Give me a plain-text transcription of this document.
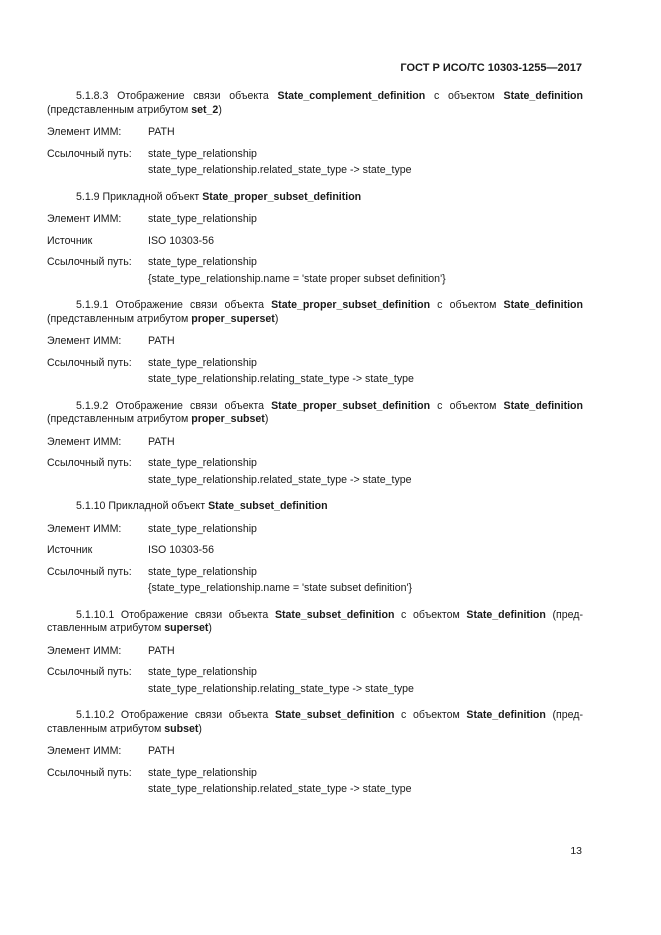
ГОСТ Р ИСО/ТС 10303-1255—2017
5.1.8.3 Отображение связи объекта State_complement_definition с объектом State_definition (представленным атрибутом set_2)
Элемент ИММ:	PATH
Ссылочный путь:	state_type_relationship
state_type_relationship.related_state_type -> state_type
5.1.9 Прикладной объект State_proper_subset_definition
Элемент ИММ:	state_type_relationship
Источник	ISO 10303-56
Ссылочный путь:	state_type_relationship
{state_type_relationship.name = 'state proper subset definition'}
5.1.9.1 Отображение связи объекта State_proper_subset_definition с объектом State_definition (представленным атрибутом proper_superset)
Элемент ИММ:	PATH
Ссылочный путь:	state_type_relationship
state_type_relationship.relating_state_type -> state_type
5.1.9.2 Отображение связи объекта State_proper_subset_definition с объектом State_definition (представленным атрибутом proper_subset)
Элемент ИММ:	PATH
Ссылочный путь:	state_type_relationship
state_type_relationship.related_state_type -> state_type
5.1.10 Прикладной объект State_subset_definition
Элемент ИММ:	state_type_relationship
Источник	ISO 10303-56
Ссылочный путь:	state_type_relationship
{state_type_relationship.name = 'state subset definition'}
5.1.10.1 Отображение связи объекта State_subset_definition с объектом State_definition (представленным атрибутом superset)
Элемент ИММ:	PATH
Ссылочный путь:	state_type_relationship
state_type_relationship.relating_state_type -> state_type
5.1.10.2 Отображение связи объекта State_subset_definition с объектом State_definition (представленным атрибутом subset)
Элемент ИММ:	PATH
Ссылочный путь:	state_type_relationship
state_type_relationship.related_state_type -> state_type
13
